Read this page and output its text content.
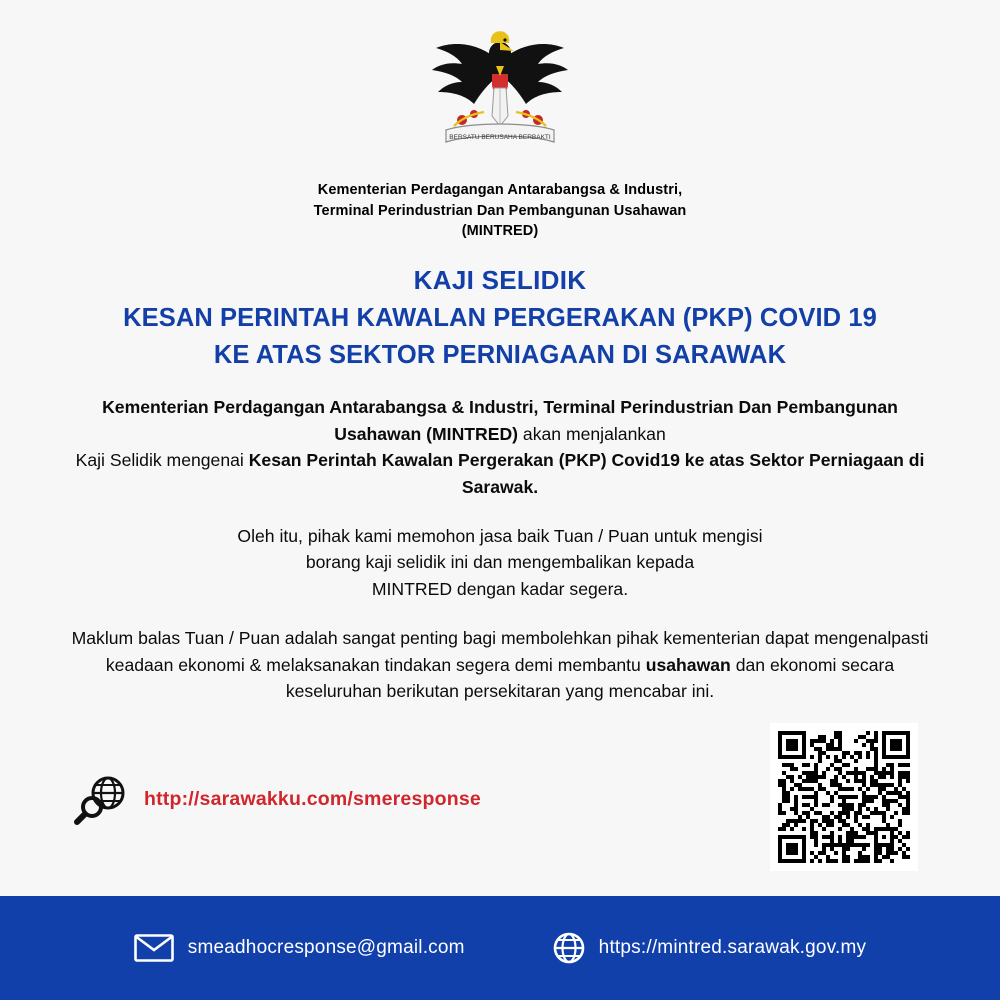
BERSATU BERUSAHA BERBAKTI
Kementerian Perdagangan Antarabangsa & Industri,
Terminal Perindustrian Dan Pembangunan Usahawan
(MINTRED)
KAJI SELIDIK
KESAN PERINTAH KAWALAN PERGERAKAN (PKP) COVID 19
KE ATAS SEKTOR PERNIAGAAN DI SARAWAK

Kementerian Perdagangan Antarabangsa & Industri, Terminal Perindustrian Dan Pembangunan Usahawan (MINTRED) akan menjalankan
Kaji Selidik mengenai Kesan Perintah Kawalan Pergerakan (PKP) Covid19 ke atas Sektor Perniagaan di Sarawak.

Oleh itu, pihak kami memohon jasa baik Tuan / Puan untuk mengisi
borang kaji selidik ini dan mengembalikan kepada
MINTRED dengan kadar segera.

Maklum balas Tuan / Puan adalah sangat penting bagi membolehkan pihak kementerian dapat mengenalpasti keadaan ekonomi & melaksanakan tindakan segera demi membantu usahawan dan ekonomi secara keseluruhan berikutan persekitaran yang mencabar ini.

http://sarawakku.com/smeresponse
smeadhocresponse@gmail.com	https://mintred.sarawak.gov.my
